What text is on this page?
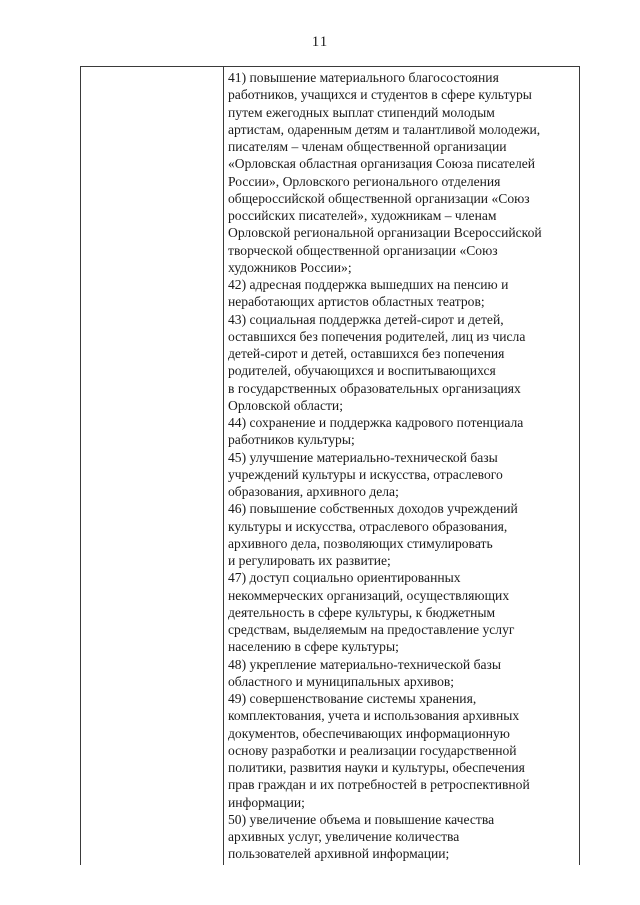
11
41) повышение материального благосостояния
работников, учащихся и студентов в сфере культуры
путем ежегодных выплат стипендий молодым
артистам, одаренным детям и талантливой молодежи,
писателям – членам общественной организации
«Орловская областная организация Союза писателей
России», Орловского регионального отделения
общероссийской общественной организации «Союз
российских писателей», художникам – членам
Орловской региональной организации Всероссийской
творческой общественной организации «Союз
художников России»;
42) адресная поддержка вышедших на пенсию и
неработающих артистов областных театров;
43) социальная поддержка детей-сирот и детей,
оставшихся без попечения родителей, лиц из числа
детей-сирот и детей, оставшихся без попечения
родителей, обучающихся и воспитывающихся
в государственных образовательных организациях
Орловской области;
44) сохранение и поддержка кадрового потенциала
работников культуры;
45) улучшение материально-технической базы
учреждений культуры и искусства, отраслевого
образования, архивного дела;
46) повышение собственных доходов учреждений
культуры и искусства, отраслевого образования,
архивного дела, позволяющих стимулировать
и регулировать их развитие;
47) доступ социально ориентированных
некоммерческих организаций, осуществляющих
деятельность в сфере культуры, к бюджетным
средствам, выделяемым на предоставление услуг
населению в сфере культуры;
48) укрепление материально-технической базы
областного и муниципальных архивов;
49) совершенствование системы хранения,
комплектования, учета и использования архивных
документов, обеспечивающих информационную
основу разработки и реализации государственной
политики, развития науки и культуры, обеспечения
прав граждан и их потребностей в ретроспективной
информации;
50) увеличение объема и повышение качества
архивных услуг, увеличение количества
пользователей архивной информации;
